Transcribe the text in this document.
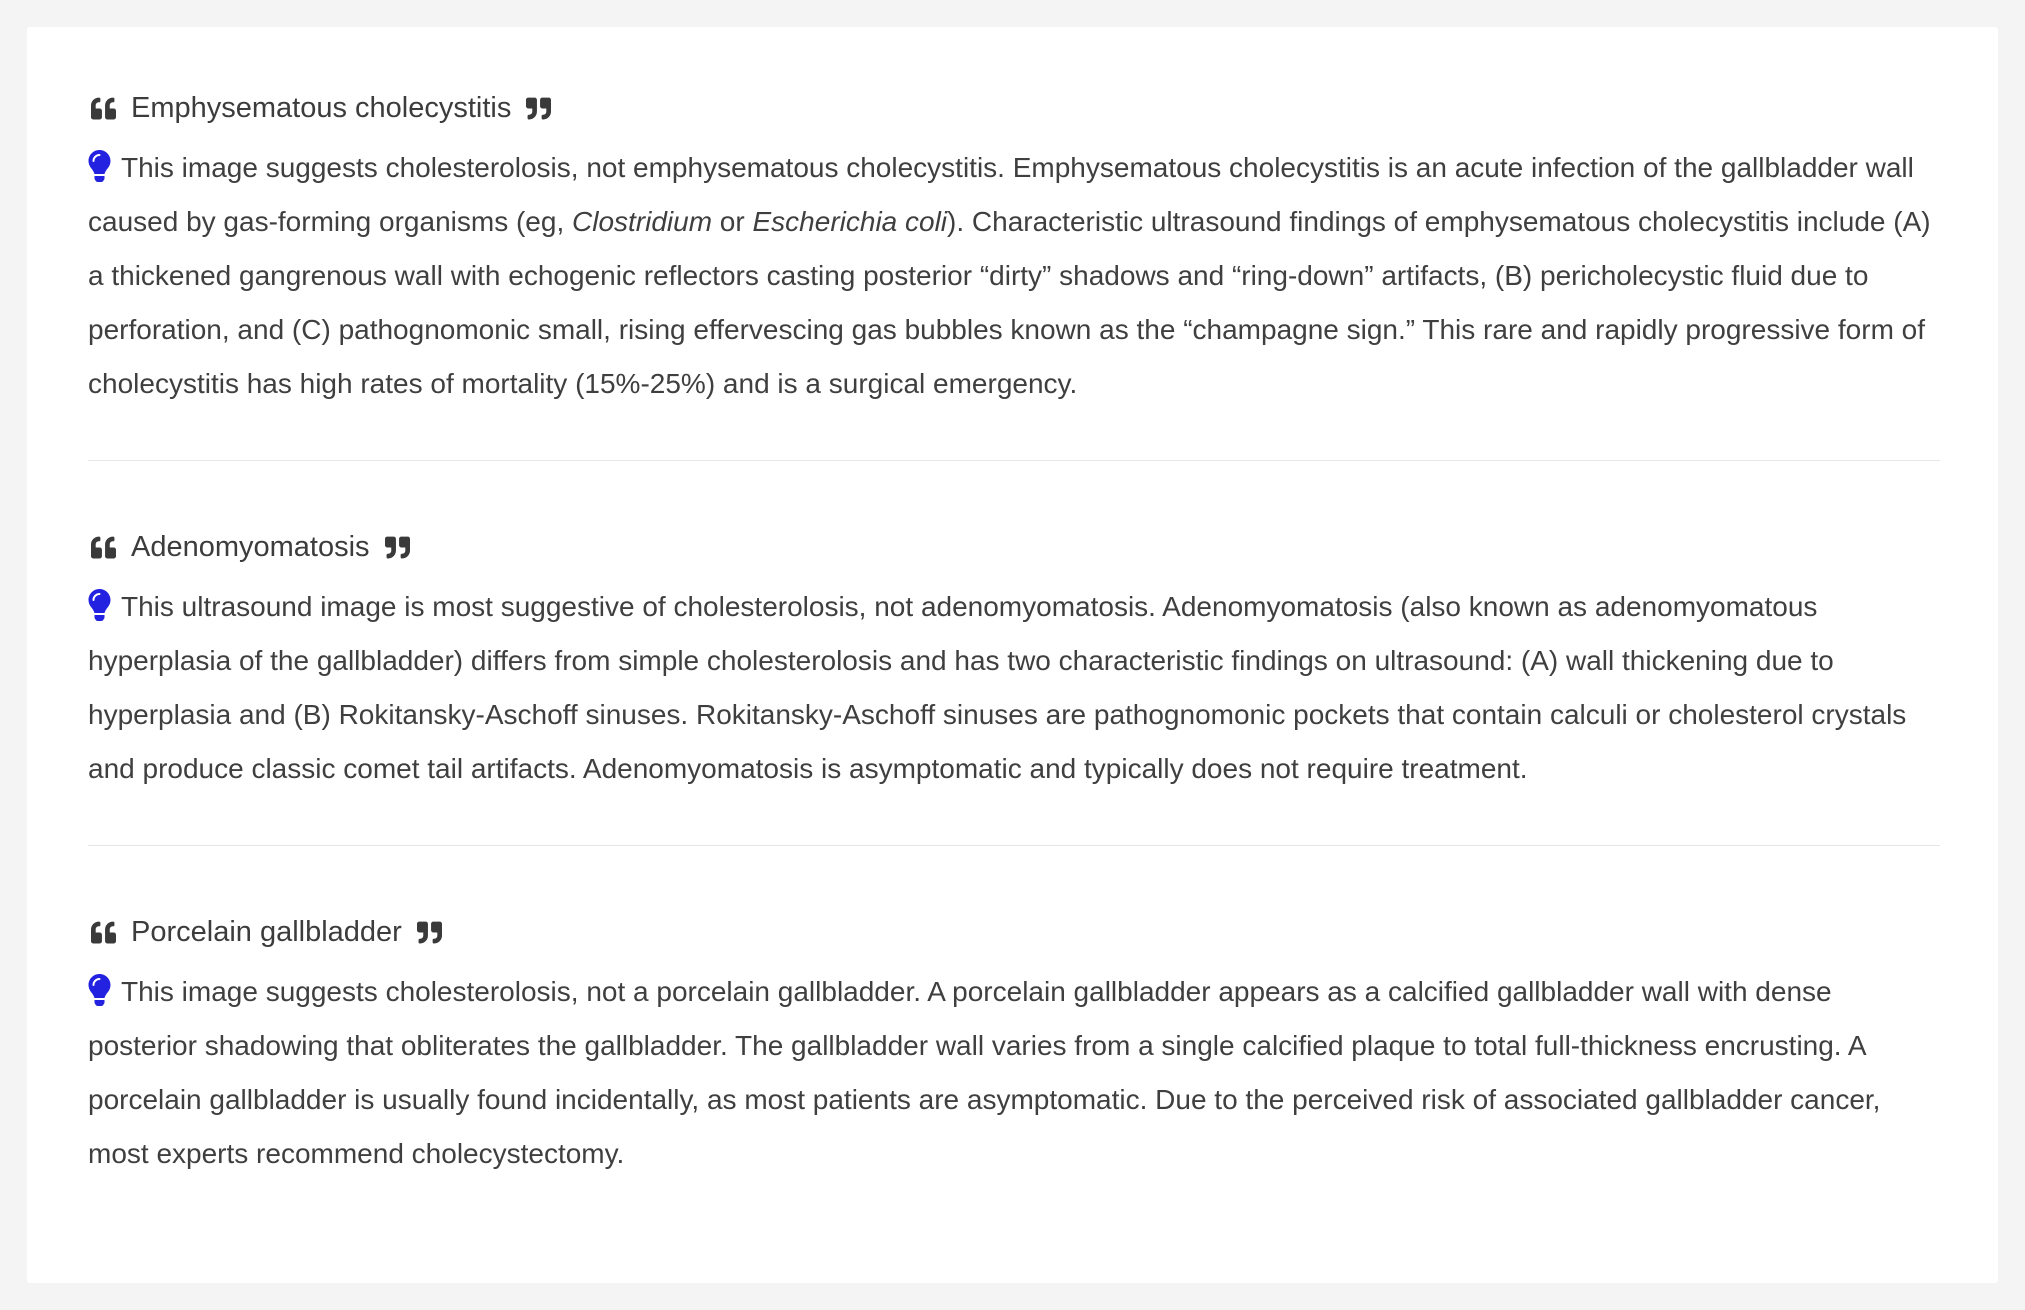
Emphysematous cholecystitis

This image suggests cholesterolosis, not emphysematous cholecystitis. Emphysematous cholecystitis is an acute infection of the gallbladder wall caused by gas-forming organisms (eg, Clostridium or Escherichia coli). Characteristic ultrasound findings of emphysematous cholecystitis include (A) a thickened gangrenous wall with echogenic reflectors casting posterior “dirty” shadows and “ring-down” artifacts, (B) pericholecystic fluid due to perforation, and (C) pathognomonic small, rising effervescing gas bubbles known as the “champagne sign.” This rare and rapidly progressive form of cholecystitis has high rates of mortality (15%-25%) and is a surgical emergency.

Adenomyomatosis

This ultrasound image is most suggestive of cholesterolosis, not adenomyomatosis. Adenomyomatosis (also known as adenomyomatous hyperplasia of the gallbladder) differs from simple cholesterolosis and has two characteristic findings on ultrasound: (A) wall thickening due to hyperplasia and (B) Rokitansky-Aschoff sinuses. Rokitansky-Aschoff sinuses are pathognomonic pockets that contain calculi or cholesterol crystals and produce classic comet tail artifacts. Adenomyomatosis is asymptomatic and typically does not require treatment.

Porcelain gallbladder

This image suggests cholesterolosis, not a porcelain gallbladder. A porcelain gallbladder appears as a calcified gallbladder wall with dense posterior shadowing that obliterates the gallbladder. The gallbladder wall varies from a single calcified plaque to total full-thickness encrusting. A porcelain gallbladder is usually found incidentally, as most patients are asymptomatic. Due to the perceived risk of associated gallbladder cancer, most experts recommend cholecystectomy.
